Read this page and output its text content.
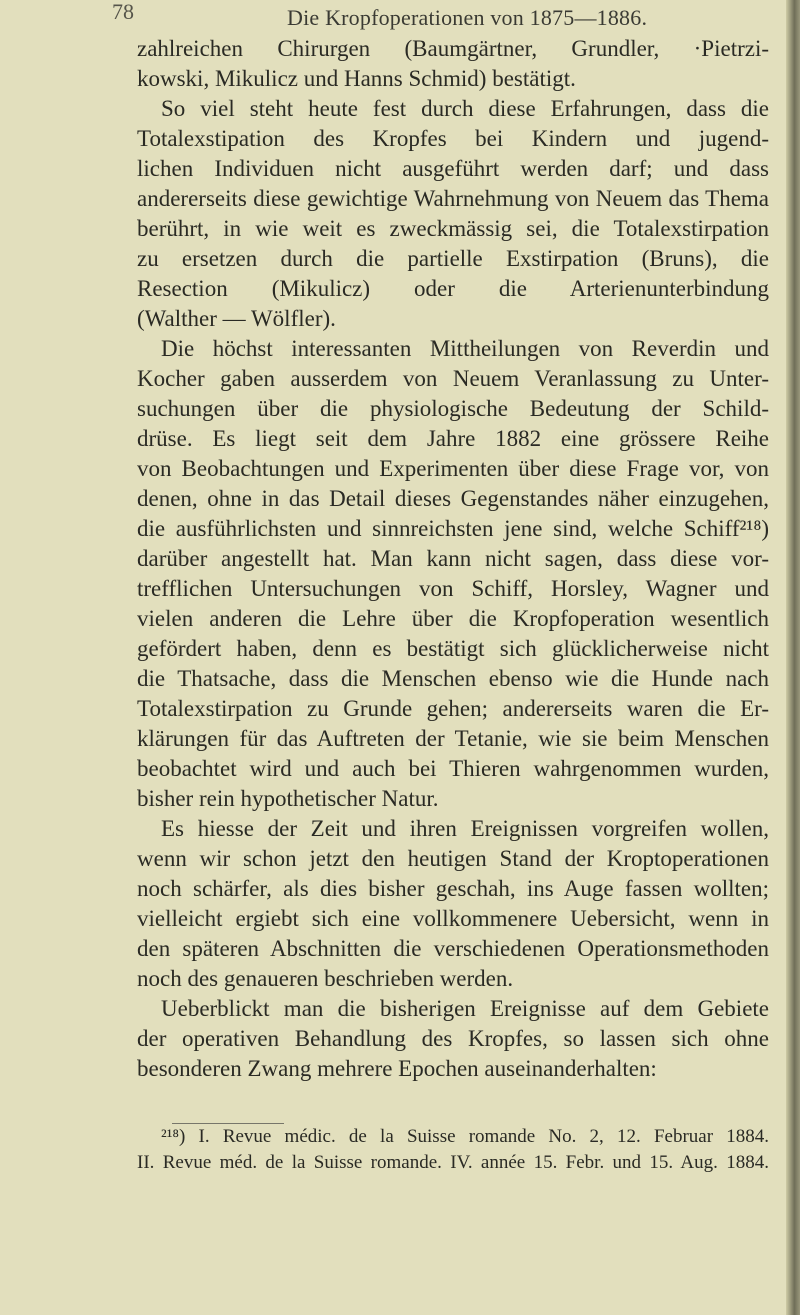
78	Die Kropfoperationen von 1875—1886.
zahlreichen Chirurgen (Baumgärtner, Grundler, ·Pietrzi-
kowski, Mikulicz und Hanns Schmid) bestätigt.
So viel steht heute fest durch diese Erfahrungen, dass die
Totalexstipation des Kropfes bei Kindern und jugend-
lichen Individuen nicht ausgeführt werden darf; und dass
andererseits diese gewichtige Wahrnehmung von Neuem das Thema
berührt, in wie weit es zweckmässig sei, die Totalexstirpation
zu ersetzen durch die partielle Exstirpation (Bruns), die
Resection (Mikulicz) oder die Arterienunterbindung
(Walther — Wölfler).
Die höchst interessanten Mittheilungen von Reverdin und
Kocher gaben ausserdem von Neuem Veranlassung zu Unter-
suchungen über die physiologische Bedeutung der Schild-
drüse. Es liegt seit dem Jahre 1882 eine grössere Reihe
von Beobachtungen und Experimenten über diese Frage vor, von
denen, ohne in das Detail dieses Gegenstandes näher einzugehen,
die ausführlichsten und sinnreichsten jene sind, welche Schiff²¹⁸)
darüber angestellt hat. Man kann nicht sagen, dass diese vor-
trefflichen Untersuchungen von Schiff, Horsley, Wagner und
vielen anderen die Lehre über die Kropfoperation wesentlich
gefördert haben, denn es bestätigt sich glücklicherweise nicht
die Thatsache, dass die Menschen ebenso wie die Hunde nach
Totalexstirpation zu Grunde gehen; andererseits waren die Er-
klärungen für das Auftreten der Tetanie, wie sie beim Menschen
beobachtet wird und auch bei Thieren wahrgenommen wurden,
bisher rein hypothetischer Natur.
Es hiesse der Zeit und ihren Ereignissen vorgreifen wollen,
wenn wir schon jetzt den heutigen Stand der Kroptoperationen
noch schärfer, als dies bisher geschah, ins Auge fassen wollten;
vielleicht ergiebt sich eine vollkommenere Uebersicht, wenn in
den späteren Abschnitten die verschiedenen Operationsmethoden
noch des genaueren beschrieben werden.
Ueberblickt man die bisherigen Ereignisse auf dem Gebiete
der operativen Behandlung des Kropfes, so lassen sich ohne
besonderen Zwang mehrere Epochen auseinanderhalten:
²¹⁸) I. Revue médic. de la Suisse romande No. 2, 12. Februar 1884.
II. Revue méd. de la Suisse romande. IV. année 15. Febr. und 15. Aug. 1884.
